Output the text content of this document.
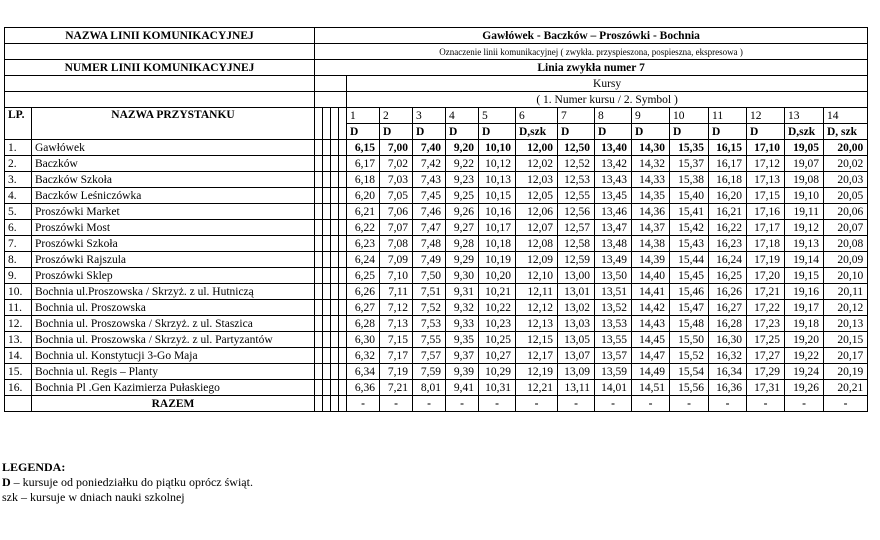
NAZWA LINII KOMUNIKACYJNEJ		Gawłówek - Baczków – Proszówki - Bochnia																	
		Oznaczenie linii komunikacyjnej ( zwykła. przyspieszona, pospieszna, ekspresowa )																	
NUMER LINII KOMUNIKACYJNEJ		Linia zwykła numer 7																	
						Kursy													
						( 1. Numer kursu / 2. Symbol )													
LP.	NAZWA PRZYSTANKU					1	2	3	4	5	6	7	8	9	10	11	12	13	14
						D	D	D	D	D	D,szk	D	D	D	D	D	D	D,szk	D, szk
1.	Gawłówek					6,15	7,00	7,40	9,20	10,10	12,00	12,50	13,40	14,30	15,35	16,15	17,10	19,05	20,00
2.	Baczków					6,17	7,02	7,42	9,22	10,12	12,02	12,52	13,42	14,32	15,37	16,17	17,12	19,07	20,02
3.	Baczków Szkoła					6,18	7,03	7,43	9,23	10,13	12,03	12,53	13,43	14,33	15,38	16,18	17,13	19,08	20,03
4.	Baczków Leśniczówka					6,20	7,05	7,45	9,25	10,15	12,05	12,55	13,45	14,35	15,40	16,20	17,15	19,10	20,05
5.	Proszówki Market					6,21	7,06	7,46	9,26	10,16	12,06	12,56	13,46	14,36	15,41	16,21	17,16	19,11	20,06
6.	Proszówki Most					6,22	7,07	7,47	9,27	10,17	12,07	12,57	13,47	14,37	15,42	16,22	17,17	19,12	20,07
7.	Proszówki Szkoła					6,23	7,08	7,48	9,28	10,18	12,08	12,58	13,48	14,38	15,43	16,23	17,18	19,13	20,08
8.	Proszówki Rajszula					6,24	7,09	7,49	9,29	10,19	12,09	12,59	13,49	14,39	15,44	16,24	17,19	19,14	20,09
9.	Proszówki Sklep					6,25	7,10	7,50	9,30	10,20	12,10	13,00	13,50	14,40	15,45	16,25	17,20	19,15	20,10
10.	Bochnia ul.Proszowska / Skrzyż. z ul. Hutniczą					6,26	7,11	7,51	9,31	10,21	12,11	13,01	13,51	14,41	15,46	16,26	17,21	19,16	20,11
11.	Bochnia ul. Proszowska					6,27	7,12	7,52	9,32	10,22	12,12	13,02	13,52	14,42	15,47	16,27	17,22	19,17	20,12
12.	Bochnia ul. Proszowska / Skrzyż. z ul. Staszica					6,28	7,13	7,53	9,33	10,23	12,13	13,03	13,53	14,43	15,48	16,28	17,23	19,18	20,13
13.	Bochnia ul. Proszowska / Skrzyż. z ul. Partyzantów					6,30	7,15	7,55	9,35	10,25	12,15	13,05	13,55	14,45	15,50	16,30	17,25	19,20	20,15
14.	Bochnia ul. Konstytucji 3-Go Maja					6,32	7,17	7,57	9,37	10,27	12,17	13,07	13,57	14,47	15,52	16,32	17,27	19,22	20,17
15.	Bochnia ul. Regis – Planty					6,34	7,19	7,59	9,39	10,29	12,19	13,09	13,59	14,49	15,54	16,34	17,29	19,24	20,19
16.	Bochnia Pl .Gen Kazimierza Pułaskiego					6,36	7,21	8,01	9,41	10,31	12,21	13,11	14,01	14,51	15,56	16,36	17,31	19,26	20,21
	RAZEM					-	-	-	-	-	-	-	-	-	-	-	-	-	-
LEGENDA:
D – kursuje od poniedziałku do piątku oprócz świąt.
szk – kursuje w dniach nauki szkolnej
